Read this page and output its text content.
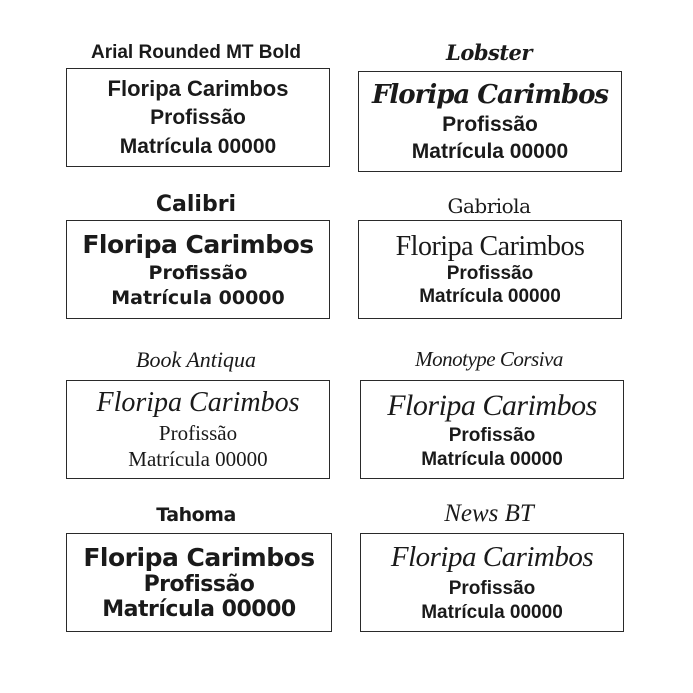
Arial Rounded MT Bold
Floripa Carimbos
Profissão
Matrícula 00000
Lobster
Floripa Carimbos
Profissão
Matrícula 00000
Calibri
Floripa Carimbos
Profissão
Matrícula 00000
Gabriola
Floripa Carimbos
Profissão
Matrícula 00000
Book Antiqua
Floripa Carimbos
Profissão
Matrícula 00000
Monotype Corsiva
Floripa Carimbos
Profissão
Matrícula 00000
Tahoma
Floripa Carimbos
Profissão
Matrícula 00000
News BT
Floripa Carimbos
Profissão
Matrícula 00000
